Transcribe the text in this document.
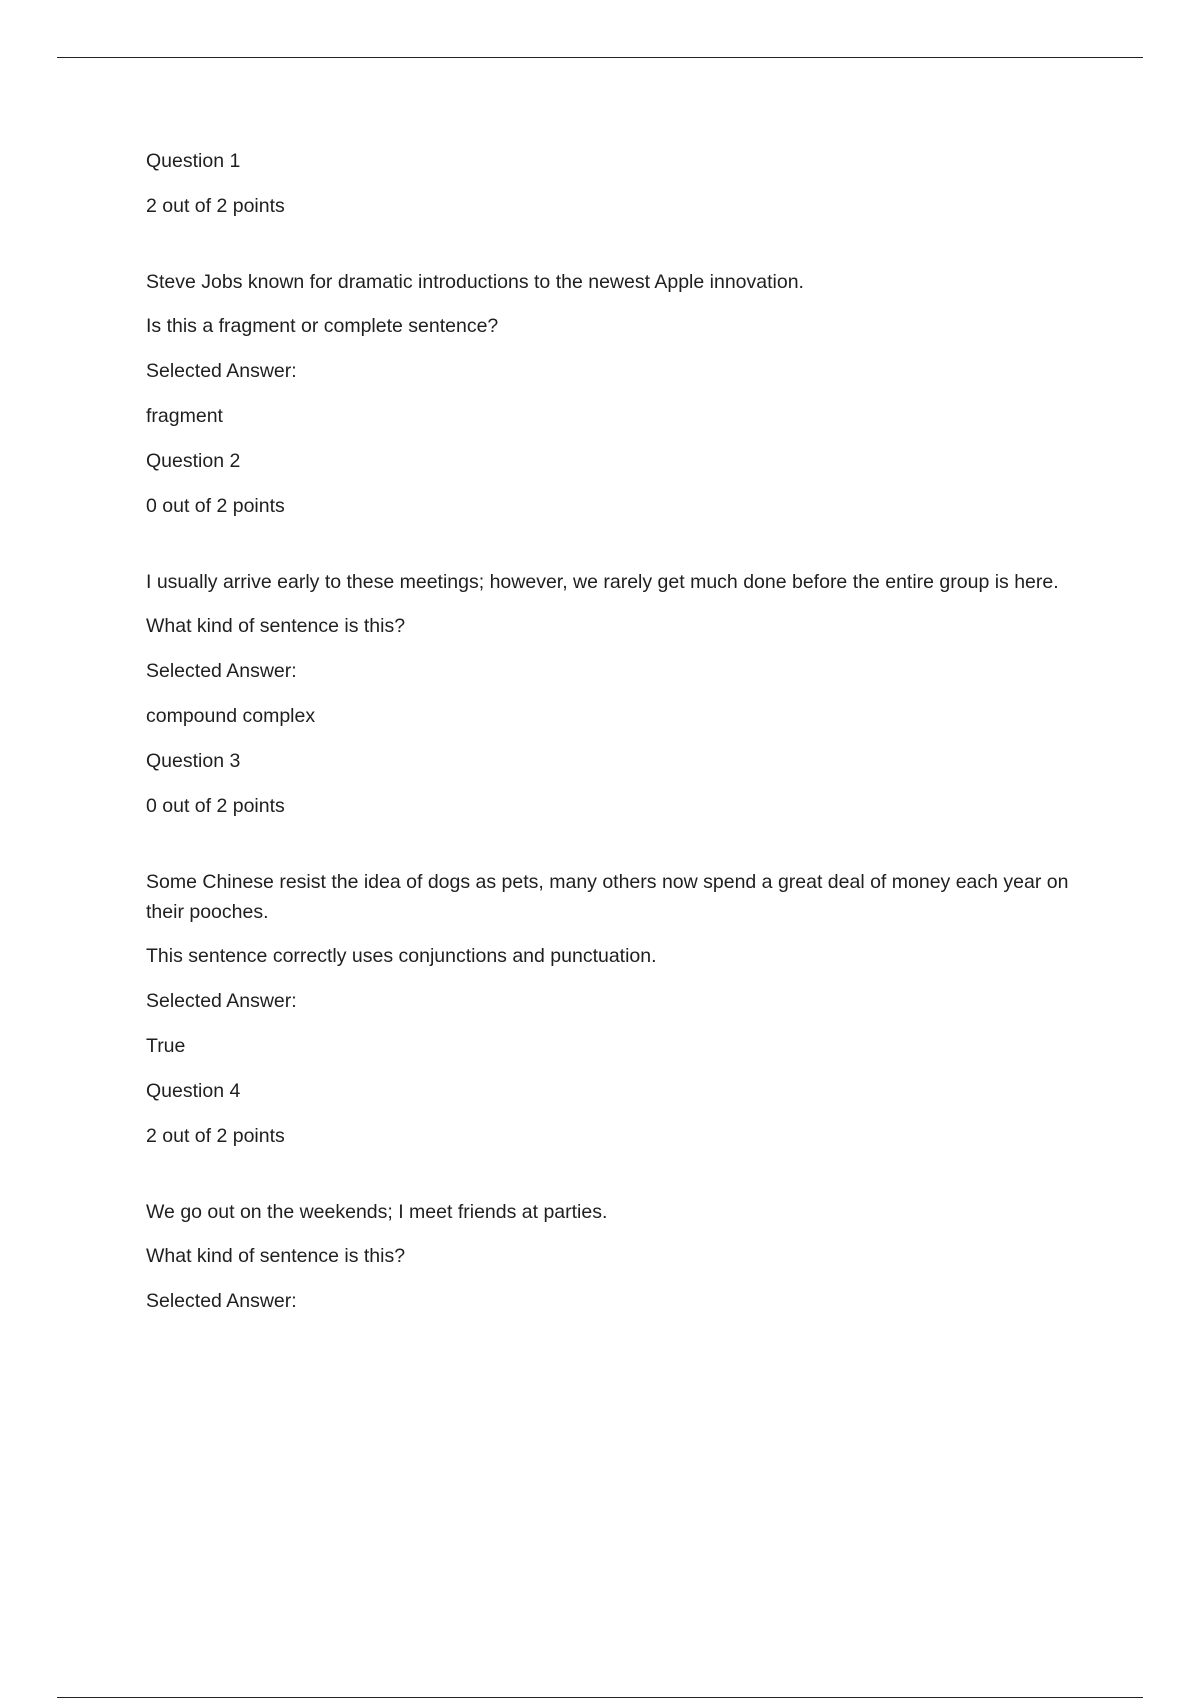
Question 1

2 out of 2 points

Steve Jobs known for dramatic introductions to the newest Apple innovation.

Is this a fragment or complete sentence?

Selected Answer:

fragment

Question 2

0 out of 2 points

I usually arrive early to these meetings; however, we rarely get much done before the entire group is here.

What kind of sentence is this?

Selected Answer:

compound complex

Question 3

0 out of 2 points

Some Chinese resist the idea of dogs as pets, many others now spend a great deal of money each year on their pooches.

This sentence correctly uses conjunctions and punctuation.

Selected Answer:

True

Question 4

2 out of 2 points

We go out on the weekends; I meet friends at parties.

What kind of sentence is this?

Selected Answer:
